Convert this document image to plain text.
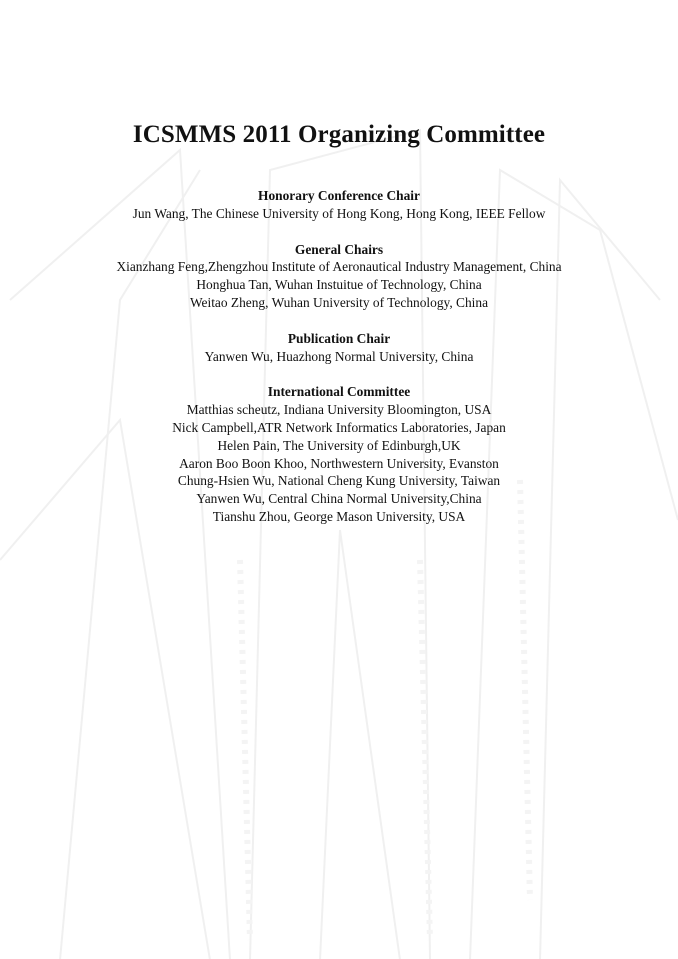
ICSMMS 2011 Organizing Committee
Honorary Conference Chair
Jun Wang, The Chinese University of Hong Kong, Hong Kong, IEEE Fellow
General Chairs
Xianzhang Feng,Zhengzhou Institute of Aeronautical Industry Management, China
Honghua Tan, Wuhan Instuitue of Technology, China
Weitao Zheng, Wuhan University of Technology, China
Publication Chair
Yanwen Wu, Huazhong Normal University, China
International Committee
Matthias scheutz, Indiana University Bloomington, USA
Nick Campbell,ATR Network Informatics Laboratories, Japan
Helen Pain, The University of Edinburgh,UK
Aaron Boo Boon Khoo, Northwestern University, Evanston
Chung-Hsien Wu, National Cheng Kung University, Taiwan
Yanwen Wu, Central China Normal University,China
Tianshu Zhou, George Mason University, USA
